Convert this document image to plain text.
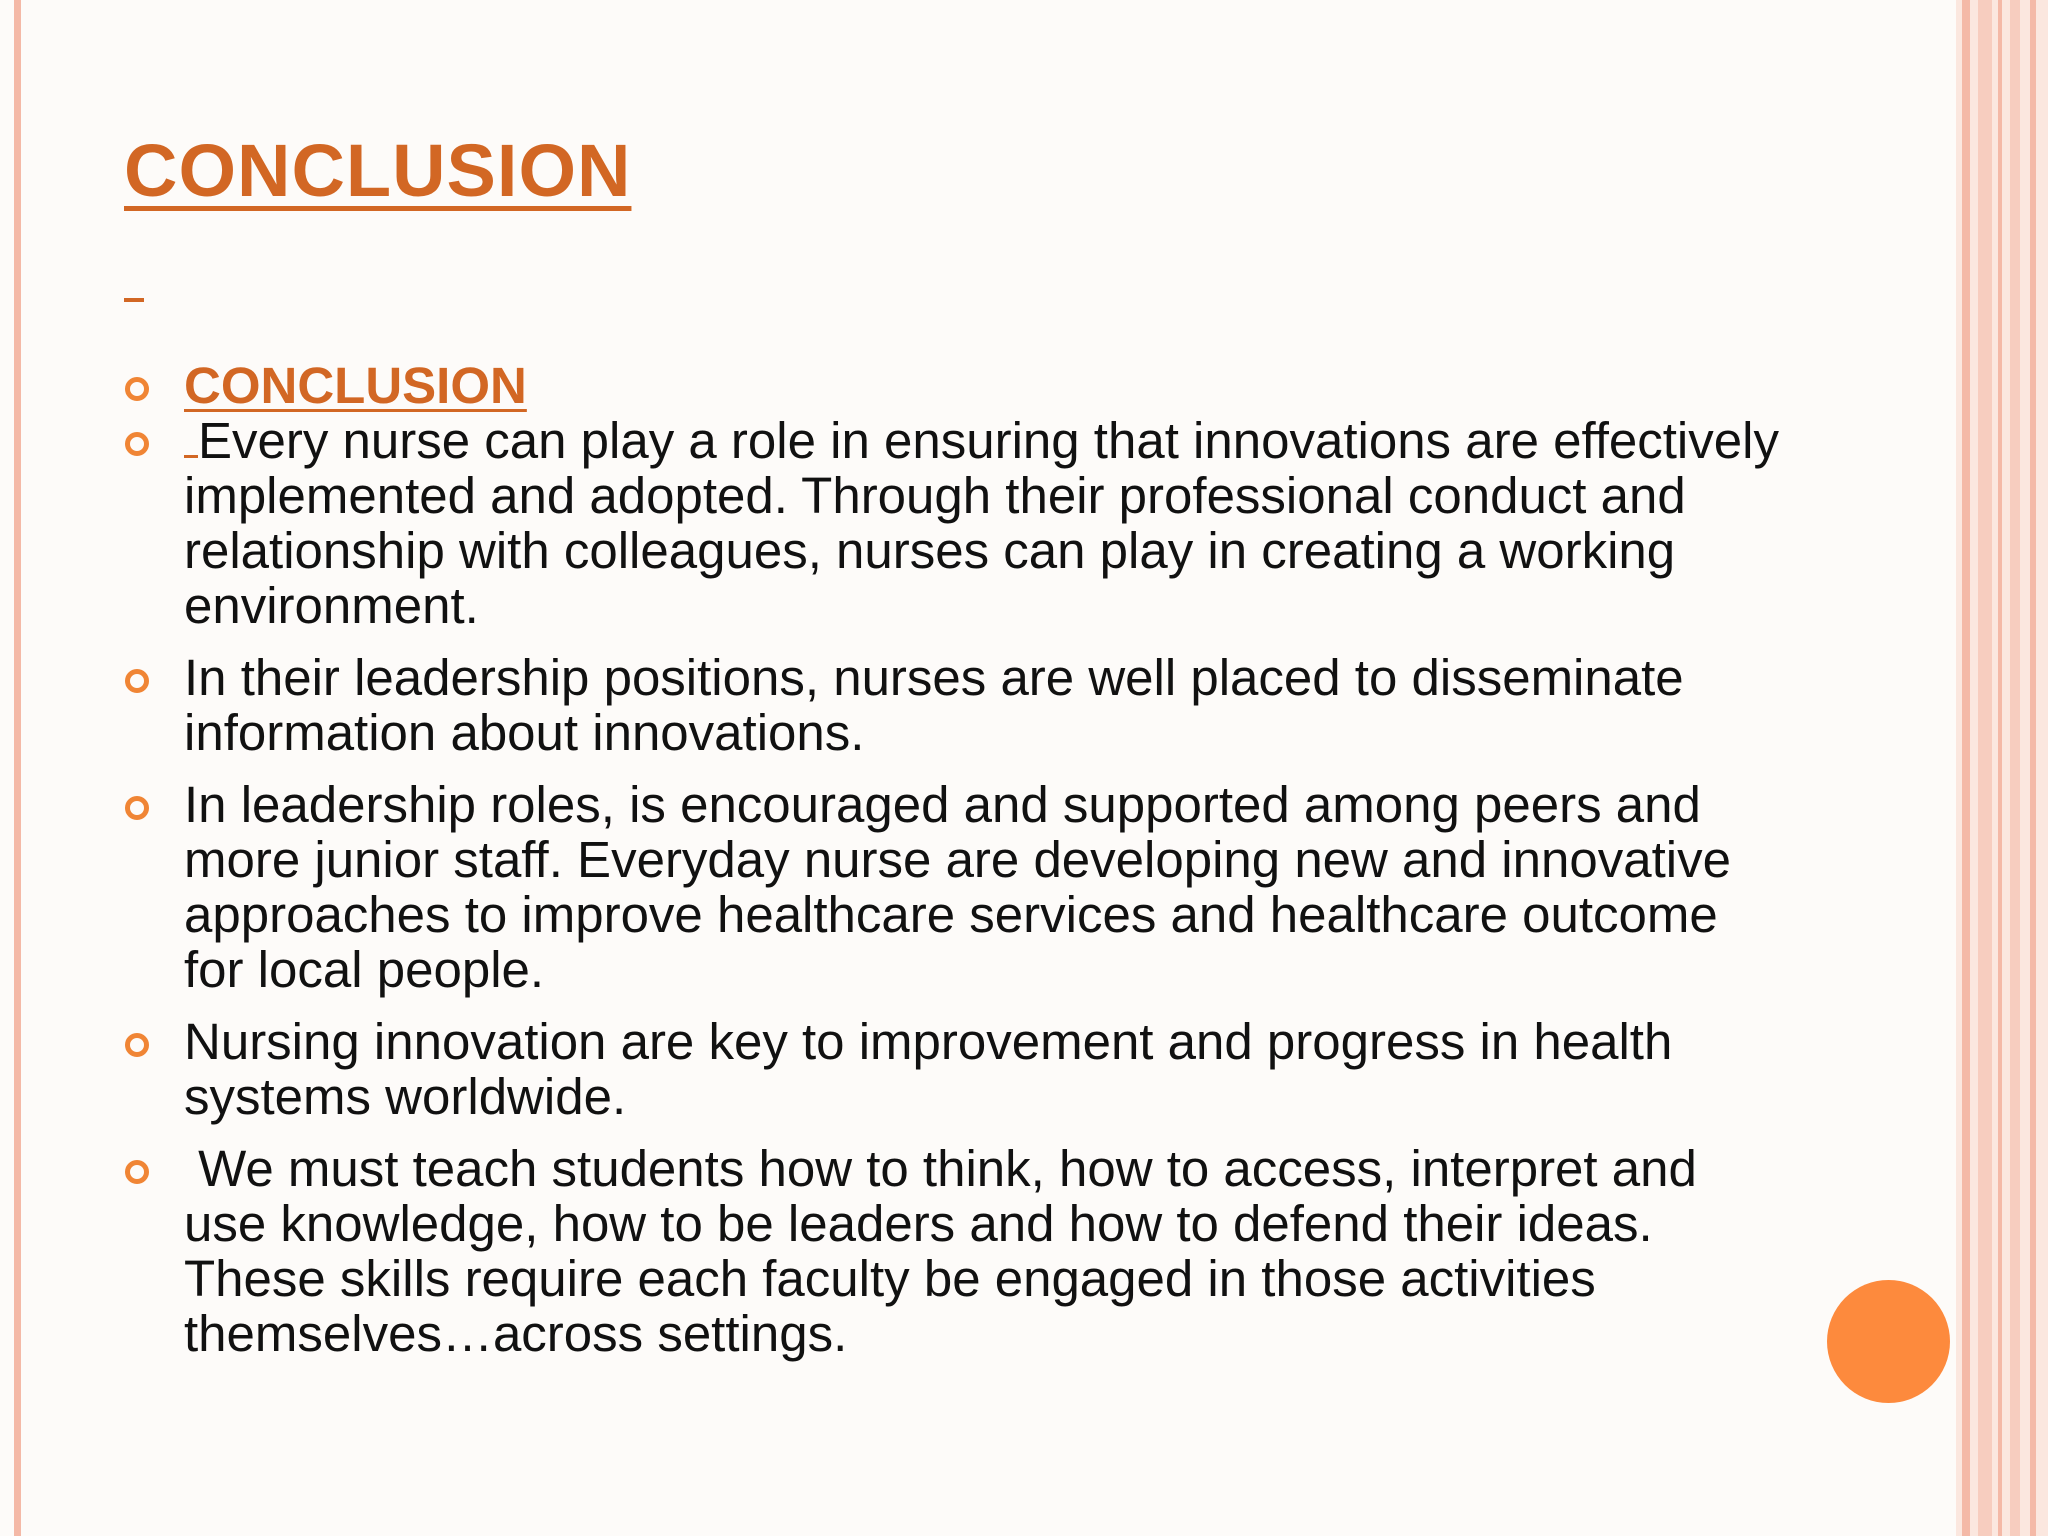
CONCLUSION
CONCLUSION
Every nurse can play a role in ensuring that innovations are effectively implemented and adopted. Through their professional conduct and relationship with colleagues, nurses can play in creating a working environment.
In their leadership positions, nurses are well placed to disseminate information about innovations.
In leadership roles, is encouraged and supported among peers and more junior staff. Everyday nurse are developing new and innovative approaches to improve healthcare services and healthcare outcome for local people.
Nursing innovation are key to improvement and progress in health systems worldwide.
We must teach students how to think, how to access, interpret and use knowledge, how to be leaders and how to defend their ideas. These skills require each faculty be engaged in those activities themselves…across settings.
